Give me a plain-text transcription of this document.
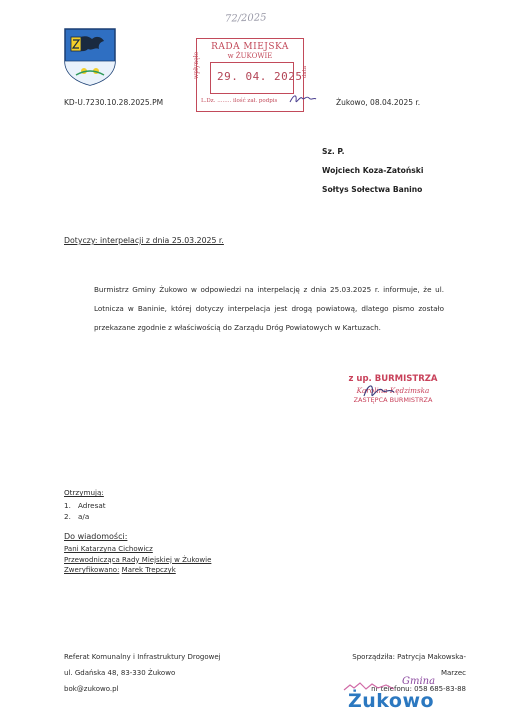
72/2025
RADA MIEJSKA
w ŻUKOWIE
wpłynęło	data
29. 04. 2025
L.Dz. ........ ilość zał. podpis
KD-U.7230.10.28.2025.PM	Żukowo, 08.04.2025 r.
Sz. P.
Wojciech Koza-Zatoński
Sołtys Sołectwa Banino
Dotyczy: interpelacji z dnia 25.03.2025 r.
Burmistrz Gminy Żukowo w odpowiedzi na interpelację z dnia 25.03.2025 r. informuje, że ul. Lotnicza w Baninie, której dotyczy interpelacja jest drogą powiatową, dlatego pismo zostało przekazane zgodnie z właściwością do Zarządu Dróg Powiatowych w Kartuzach.
z up. BURMISTRZA
Karolina Kędzimska
ZASTĘPCA BURMISTRZA
Otrzymują:
1. Adresat
2. a/a
Do wiadomości:
Pani Katarzyna Cichowicz
Przewodnicząca Rady Miejskiej w Żukowie
Zweryfikowano: Marek Trepczyk
Referat Komunalny i Infrastruktury Drogowej
ul. Gdańska 48, 83-330 Żukowo
bok@zukowo.pl
Sporządziła: Patrycja Makowska-Marzec
nr telefonu: 058 685-83-88
Gmina
Żukowo
